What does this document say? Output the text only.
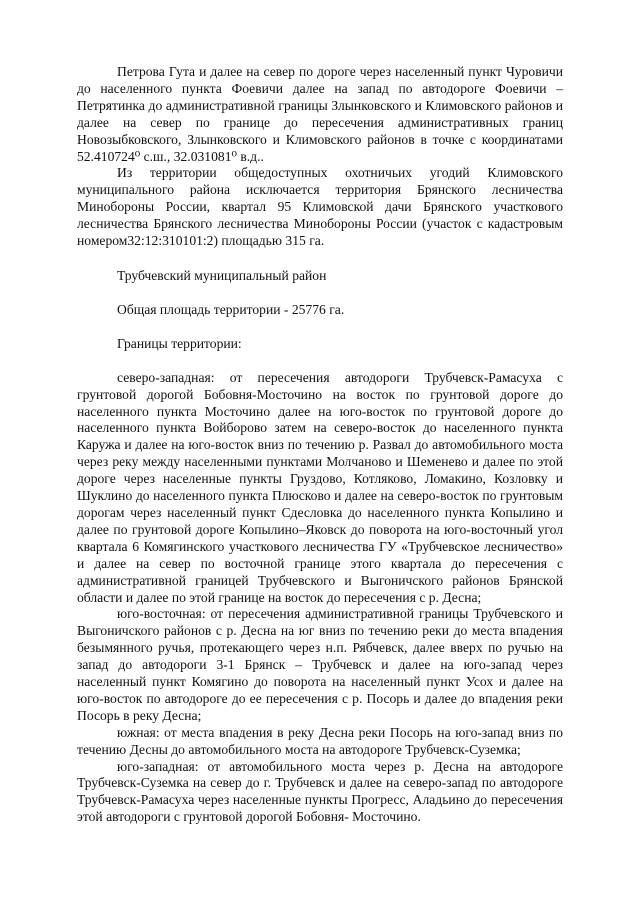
Петрова Гута и далее на север по дороге через населенный пункт Чуровичи до населенного пункта Фоевичи далее на запад по автодороге Фоевичи – Петрятинка до административной границы Злынковского и Климовского районов и далее на север по границе до пересечения административных границ Новозыбковского, Злынковского и Климовского районов в точке с координатами 52.410724⁰ с.ш., 32.031081⁰ в.д..

Из территории общедоступных охотничьих угодий Климовского муниципального района исключается территория Брянского лесничества Минобороны России, квартал 95 Климовской дачи Брянского участкового лесничества Брянского лесничества Минобороны России (участок с кадастровым номером32:12:310101:2) площадью 315 га.

Трубчевский муниципальный район

Общая площадь территории - 25776 га.

Границы территории:

северо-западная: от пересечения автодороги Трубчевск-Рамасуха с грунтовой дорогой Бобовня-Мосточино на восток по грунтовой дороге до населенного пункта Мосточино далее на юго-восток по грунтовой дороге до населенного пункта Войборово затем на северо-восток до населенного пункта Каружа и далее на юго-восток вниз по течению р. Развал до автомобильного моста через реку между населенными пунктами Молчаново и Шеменево и далее по этой дороге через населенные пункты Груздово, Котляково, Ломакино, Козловку и Шуклино до населенного пункта Плюсково и далее на северо-восток по грунтовым дорогам через населенный пункт Сдесловка до населенного пункта Копылино и далее по грунтовой дороге Копылино–Яковск до поворота на юго-восточный угол квартала 6 Комягинского участкового лесничества ГУ «Трубчевское лесничество» и далее на север по восточной границе этого квартала до пересечения с административной границей Трубчевского и Выгоничского районов Брянской области и далее по этой границе на восток до пересечения с р. Десна;

юго-восточная: от пересечения административной границы Трубчевского и Выгоничского районов с р. Десна на юг вниз по течению реки до места впадения безымянного ручья, протекающего через н.п. Рябчевск, далее вверх по ручью на запад до автодороги 3-1 Брянск – Трубчевск и далее на юго-запад через населенный пункт Комягино до поворота на населенный пункт Усох и далее на юго-восток по автодороге до ее пересечения с р. Посорь и далее до впадения реки Посорь в реку Десна;

южная: от места впадения в реку Десна реки Посорь на юго-запад вниз по течению Десны до автомобильного моста на автодороге Трубчевск-Суземка;

юго-западная: от автомобильного моста через р. Десна на автодороге Трубчевск-Суземка на север до г. Трубчевск и далее на северо-запад по автодороге Трубчевск-Рамасуха через населенные пункты Прогресс, Аладьино до пересечения этой автодороги с грунтовой дорогой Бобовня- Мосточино.
